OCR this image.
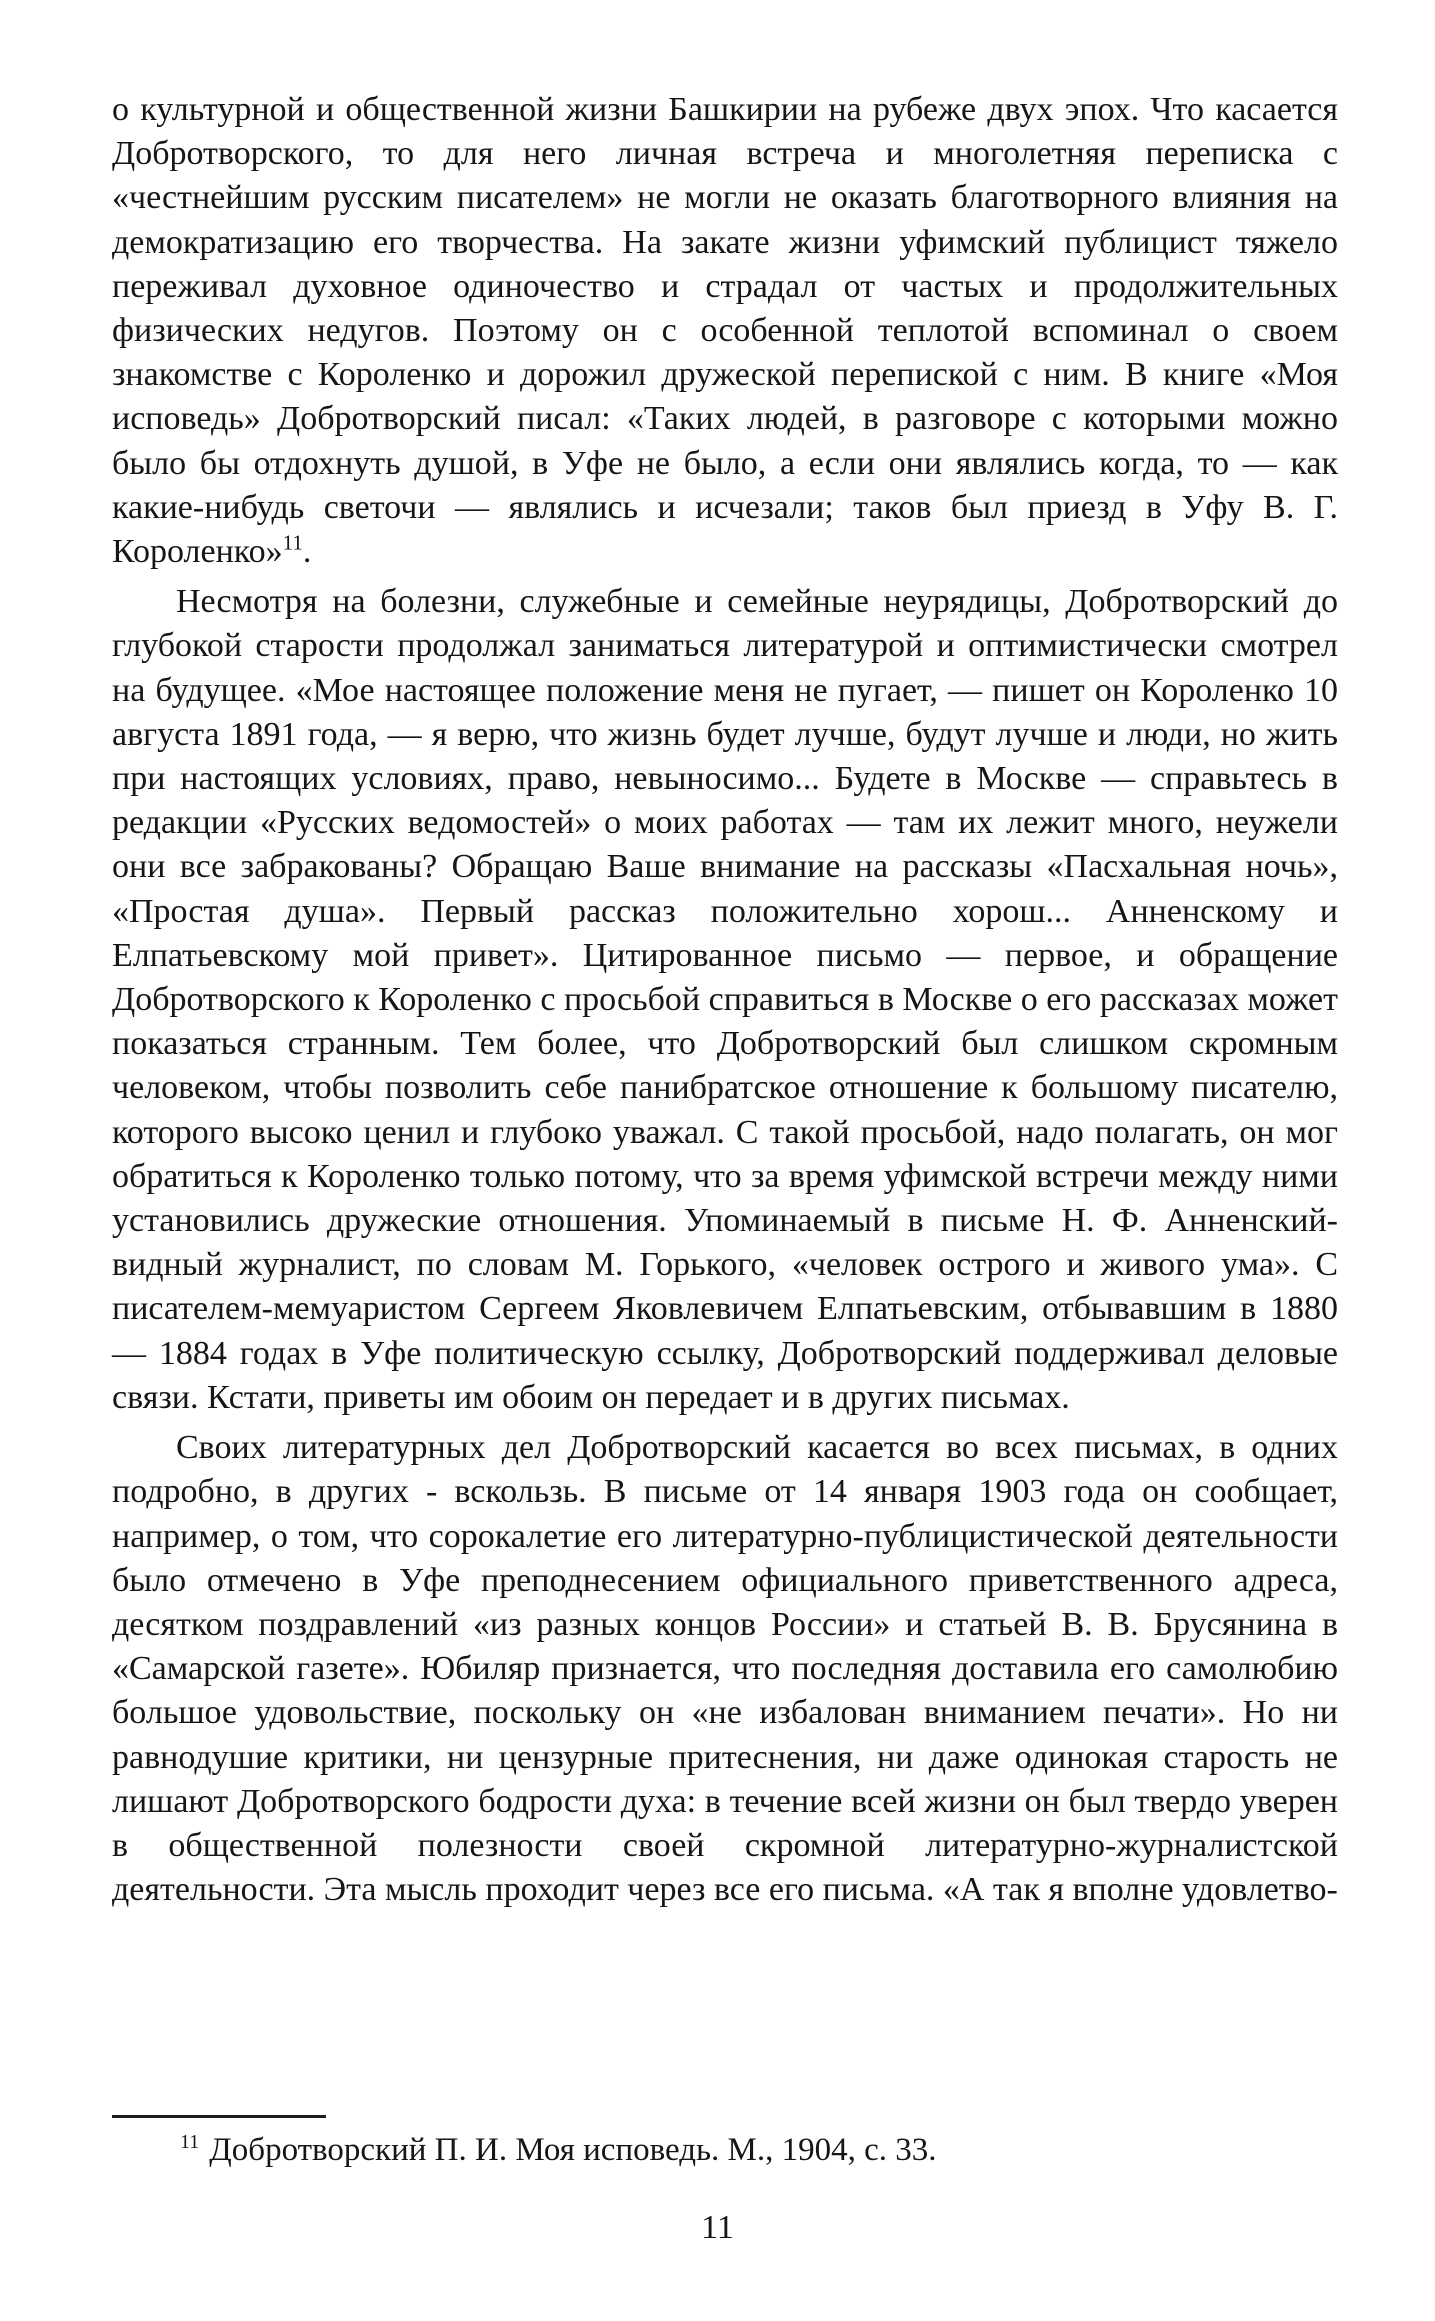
о культурной и общественной жизни Башкирии на рубеже двух эпох. Что касается Добротворского, то для него личная встреча и многолетняя переписка с «честнейшим русским писателем» не могли не оказать благотворного влияния на демократизацию его творчества. На закате жизни уфимский публицист тяжело переживал духовное одиночество и страдал от частых и продолжительных физических недугов. Поэтому он с особенной теплотой вспоминал о своем знакомстве с Короленко и дорожил дружеской перепиской с ним. В книге «Моя исповедь» Добротворский писал: «Таких людей, в разговоре с которыми можно было бы отдохнуть душой, в Уфе не было, а если они являлись когда, то — как какие-нибудь светочи — являлись и исчезали; таков был приезд в Уфу В. Г. Короленко»$^{11}$.

Несмотря на болезни, служебные и семейные неурядицы, Добротворский до глубокой старости продолжал заниматься литературой и оптимистически смотрел на будущее. «Мое настоящее положение меня не пугает, — пишет он Короленко 10 августа 1891 года, — я верю, что жизнь будет лучше, будут лучше и люди, но жить при настоящих условиях, право, невыносимо... Будете в Москве — справьтесь в редакции «Русских ведомостей» о моих работах — там их лежит много, неужели они все забракованы? Обращаю Ваше внимание на рассказы «Пасхальная ночь», «Простая душа». Первый рассказ положительно хорош... Анненскому и Елпатьевскому мой привет». Цитированное письмо — первое, и обращение Добротворского к Короленко с просьбой справиться в Москве о его рассказах может показаться странным. Тем более, что Добротворский был слишком скромным человеком, чтобы позволить себе панибратское отношение к большому писателю, которого высоко ценил и глубоко уважал. С такой просьбой, надо полагать, он мог обратиться к Короленко только потому, что за время уфимской встречи между ними установились дружеские отношения. Упоминаемый в письме Н. Ф. Анненский-видный журналист, по словам М. Горького, «человек острого и живого ума». С писателем-мемуаристом Сергеем Яковлевичем Елпатьевским, отбывавшим в 1880 — 1884 годах в Уфе политическую ссылку, Добротворский поддерживал деловые связи. Кстати, приветы им обоим он передает и в других письмах.

Своих литературных дел Добротворский касается во всех письмах, в одних подробно, в других - вскользь. В письме от 14 января 1903 года он сообщает, например, о том, что сорокалетие его литературно-публицистической деятельности было отмечено в Уфе преподнесением официального приветственного адреса, десятком поздравлений «из разных концов России» и статьей В. В. Брусянина в «Самарской газете». Юбиляр признается, что последняя доставила его самолюбию большое удовольствие, поскольку он «не избалован вниманием печати». Но ни равнодушие критики, ни цензурные притеснения, ни даже одинокая старость не лишают Добротворского бодрости духа: в течение всей жизни он был твердо уверен в общественной полезности своей скромной литературно-журналистской деятельности. Эта мысль проходит через все его письма. «А так я вполне удовлетво-

$^{11}$ Добротворский П. И. Моя исповедь. М., 1904, с. 33.
11
